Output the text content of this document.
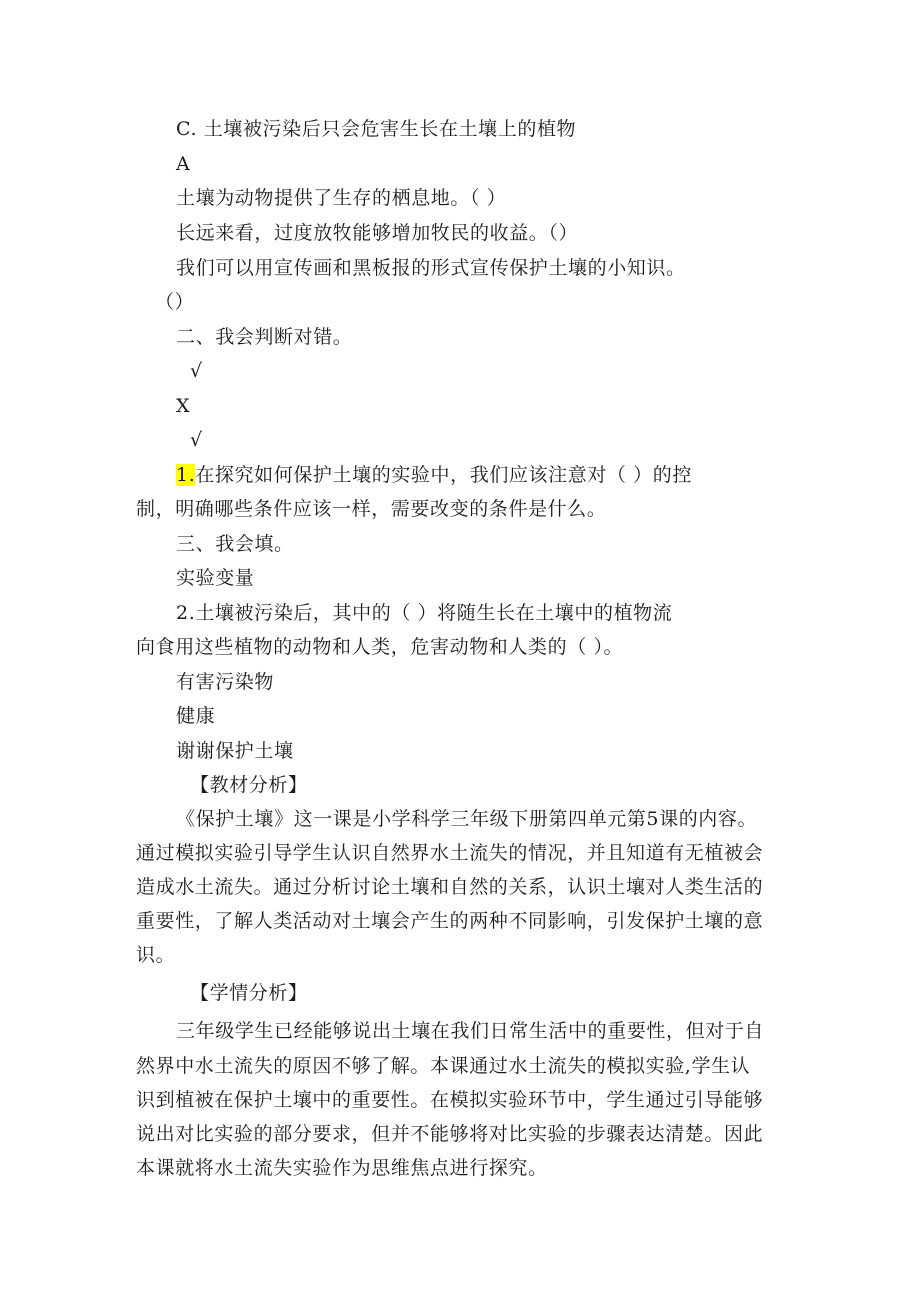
C. 土壤被污染后只会危害生长在土壤上的植物
A
土壤为动物提供了生存的栖息地。（ ）
长远来看，过度放牧能够增加牧民的收益。（）
我们可以用宣传画和黑板报的形式宣传保护土壤的小知识。
（）
二、我会判断对错。
√
X
√
1.在探究如何保护土壤的实验中，我们应该注意对（ ）的控
制，明确哪些条件应该一样，需要改变的条件是什么。
三、我会填。
实验变量
2.土壤被污染后，其中的（ ）将随生长在土壤中的植物流
向食用这些植物的动物和人类，危害动物和人类的（ ）。
有害污染物
健康
谢谢保护土壤
【教材分析】
《保护土壤》这一课是小学科学三年级下册第四单元第5课的内容。
通过模拟实验引导学生认识自然界水土流失的情况，并且知道有无植被会
造成水土流失。通过分析讨论土壤和自然的关系，认识土壤对人类生活的
重要性，了解人类活动对土壤会产生的两种不同影响，引发保护土壤的意
识。
【学情分析】
三年级学生已经能够说出土壤在我们日常生活中的重要性，但对于自
然界中水土流失的原因不够了解。本课通过水土流失的模拟实验,学生认
识到植被在保护土壤中的重要性。在模拟实验环节中，学生通过引导能够
说出对比实验的部分要求，但并不能够将对比实验的步骤表达清楚。因此
本课就将水土流失实验作为思维焦点进行探究。
